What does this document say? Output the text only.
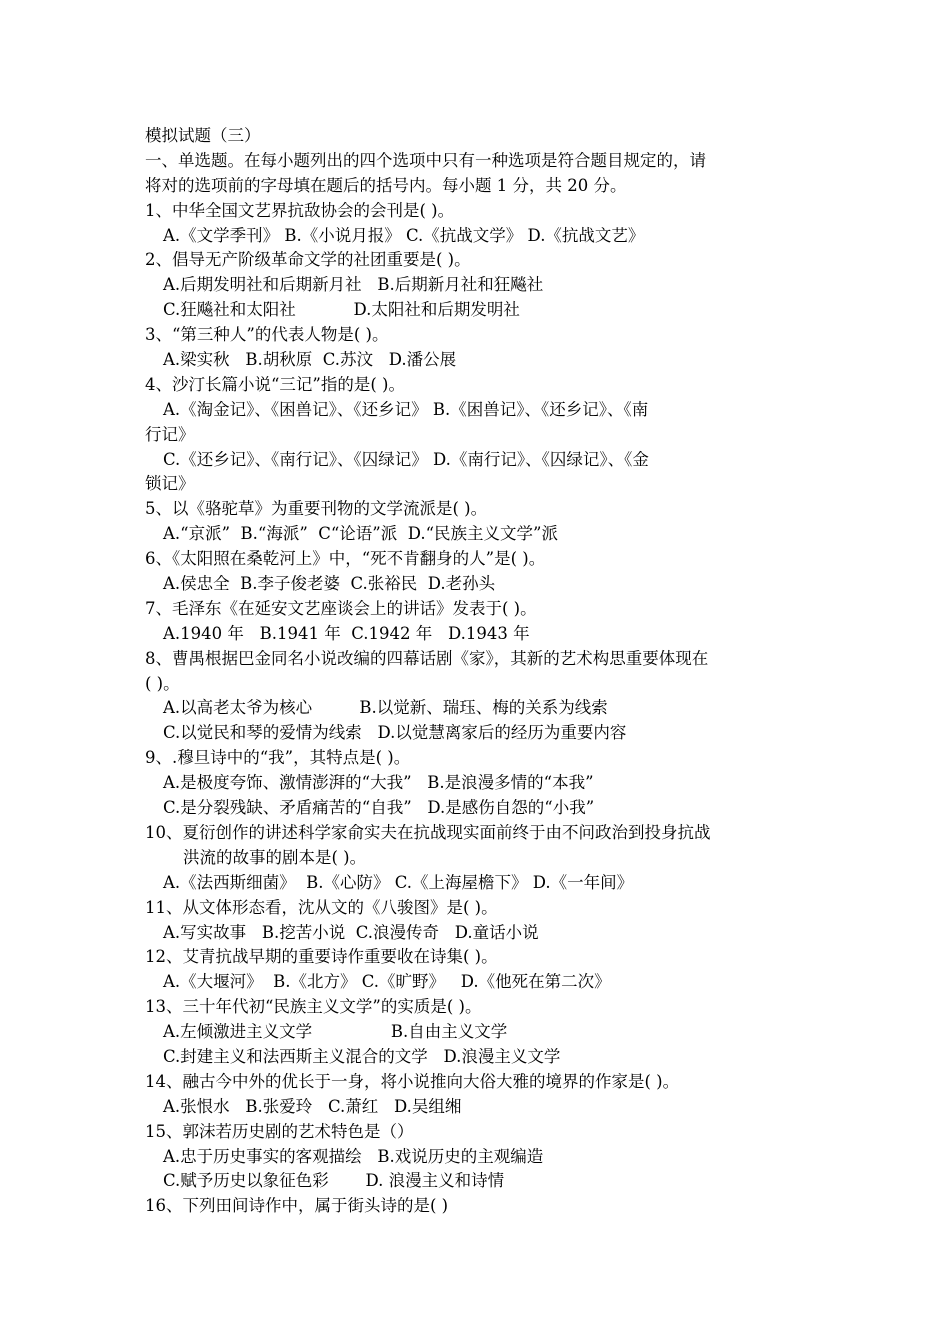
模拟试题（三）
一、单选题。在每小题列出的四个选项中只有一种选项是符合题目规定的，请
将对的选项前的字母填在题后的括号内。每小题 1 分，共 20 分。
1、中华全国文艺界抗敌协会的会刊是( )。
A.《文学季刊》 B.《小说月报》 C.《抗战文学》 D.《抗战文艺》
2、倡导无产阶级革命文学的社团重要是( )。
A.后期发明社和后期新月社   B.后期新月社和狂飚社
C.狂飚社和太阳社           D.太阳社和后期发明社
3、“第三种人”的代表人物是( )。
A.梁实秋   B.胡秋原  C.苏汶   D.潘公展
4、沙汀长篇小说“三记”指的是( )。
A.《淘金记》、《困兽记》、《还乡记》 B.《困兽记》、《还乡记》、《南
行记》
C.《还乡记》、《南行记》、《囚绿记》 D.《南行记》、《囚绿记》、《金
锁记》
5、以《骆驼草》为重要刊物的文学流派是( )。
A.“京派”  B.“海派”  C“论语”派  D.“民族主义文学”派
6、《太阳照在桑乾河上》中，“死不肯翻身的人”是( )。
A.侯忠全  B.李子俊老婆  C.张裕民  D.老孙头
7、毛泽东《在延安文艺座谈会上的讲话》发表于( )。
A.1940 年   B.1941 年  C.1942 年   D.1943 年
8、曹禺根据巴金同名小说改编的四幕话剧《家》，其新的艺术构思重要体现在
( )。
A.以高老太爷为核心         B.以觉新、瑞珏、梅的关系为线索
C.以觉民和琴的爱情为线索   D.以觉慧离家后的经历为重要内容
9、.穆旦诗中的“我”，其特点是( )。
A.是极度夸饰、激情澎湃的“大我”   B.是浪漫多情的“本我”
C.是分裂残缺、矛盾痛苦的“自我”   D.是感伤自怨的“小我”
10、夏衍创作的讲述科学家俞实夫在抗战现实面前终于由不问政治到投身抗战
洪流的故事的剧本是( )。
A.《法西斯细菌》  B.《心防》 C.《上海屋檐下》 D.《一年间》
11、从文体形态看，沈从文的《八骏图》是( )。
A.写实故事   B.挖苦小说  C.浪漫传奇   D.童话小说
12、艾青抗战早期的重要诗作重要收在诗集( )。
A.《大堰河》  B.《北方》 C.《旷野》   D.《他死在第二次》
13、三十年代初“民族主义文学”的实质是( )。
A.左倾激进主义文学               B.自由主义文学
C.封建主义和法西斯主义混合的文学   D.浪漫主义文学
14、融古今中外的优长于一身，将小说推向大俗大雅的境界的作家是( )。
A.张恨水   B.张爱玲   C.萧红   D.吴组缃
15、郭沫若历史剧的艺术特色是（）
A.忠于历史事实的客观描绘   B.戏说历史的主观编造
C.赋予历史以象征色彩       D. 浪漫主义和诗情
16、下列田间诗作中，属于街头诗的是( )
